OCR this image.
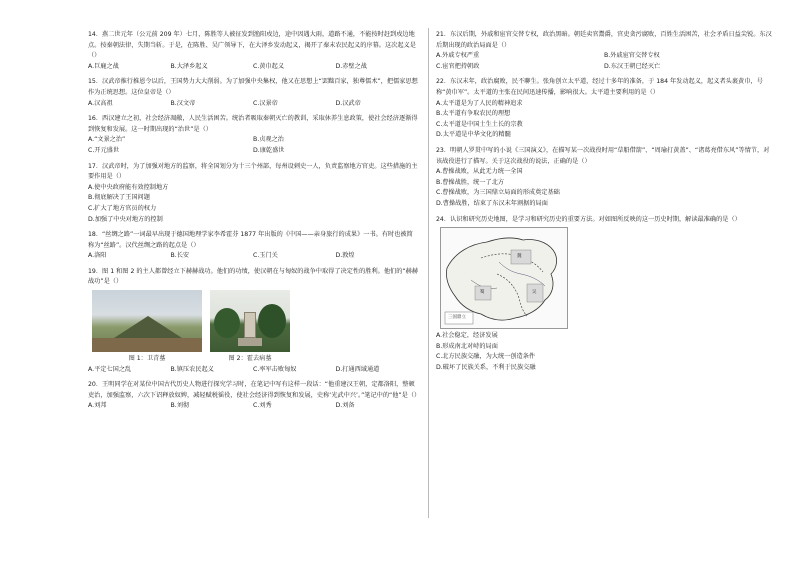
14．燕二世元年（公元前 209 年）七月，陈胜等人被征发到渔阳戍边，途中因遇大雨，道路不通，不能按时赶到戍边地点。按秦朝法律，失期当斩。于是，在陈胜、吴广领导下，在大泽乡发动起义，揭开了秦末农民起义的序幕。这次起义是（）

A.巨鹿之战	B.大泽乡起义	C.黄巾起义	D.赤壁之战

15．汉武帝推行推恩令以后，王国势力大大削弱。为了加强中央集权，他又在思想上“罢黜百家，独尊儒术”，把儒家思想作为正统思想。这位皇帝是（）

A.汉高祖	B.汉文帝	C.汉景帝	D.汉武帝

16．西汉建立之初，社会经济凋敝，人民生活困苦。统治者吸取秦朝灭亡的教训，采取休养生息政策，使社会经济逐渐得到恢复和发展。这一时期出现的“治世”是（）

A.“文景之治”	B.贞观之治
C.开元盛世	D.康乾盛世

17．汉武帝时，为了加强对地方的监察，将全国划分为十三个州部，每州设刺史一人，负责监察地方官吏。这些措施的主要作用是（）

A.使中央政府能有效控制地方
B.彻底解决了王国问题
C.扩大了地方官员的权力
D.加强了中央对地方的控制

18．“丝绸之路”一词最早出现于德国地理学家李希霍芬 1877 年出版的《中国——亲身旅行的成果》一书。有时也被简称为“丝路”。汉代丝绸之路的起点是（）

A.洛阳	B.长安	C.玉门关	D.敦煌

19．图 1 和图 2 的主人都曾经立下赫赫战功。他们的功绩，使汉朝在与匈奴的战争中取得了决定性的胜利。他们的“赫赫战功”是（）

图 1：卫青墓	图 2：霍去病墓
A.平定七国之乱	B.镇压农民起义	C.率军击败匈奴	D.打通西域通道

20．王明同学在对某位中国古代历史人物进行探究学习时，在笔记中写有这样一段话：“他重建汉王朝，定都洛阳，整顿吏治，加强监察，六次下诏释放奴婢，减轻赋税徭役，使社会经济得到恢复和发展，史称‘光武中兴’。”笔记中的“他”是（）

A.刘邦	B.刘彻	C.刘秀	D.刘备

21．东汉后期，外戚和宦官交替专权，政治黑暗。朝廷卖官鬻爵，官吏贪污腐败，百姓生活困苦，社会矛盾日益尖锐。东汉后期出现的政治局面是（）

A.外戚专权严重	B.外戚宦官交替专权
C.宦官把持朝政	D.东汉王朝已经灭亡

22．东汉末年，政治腐败，民不聊生。张角创立太平道，经过十多年的准备，于 184 年发动起义，起义者头裹黄巾，号称“黄巾军”。太平道的主张在民间迅速传播，影响很大。太平道主要利用的是（）

A.太平道是为了人民的精神追求
B.太平道有争取农民的理想
C.太平道是中国土生土长的宗教
D.太平道是中华文化的精髓

23．明朝人罗贯中写的小说《三国演义》，在描写某一次战役时用“草船借箭”、“周瑜打黄盖”、“诸葛亮借东风”等情节，对该战役进行了描写。关于这次战役的说法，正确的是（）

A.曹操战败，从此无力统一全国
B.曹操战胜，统一了北方
C.曹操战败，为三国鼎立局面的形成奠定基础
D.曹操战胜，结束了东汉末年割据的局面

24．认识和研究历史地图，是学习和研究历史的重要方法。对如图所反映的这一历史时期，解读最准确的是（）

魏
蜀	吴
三国鼎立
A.社会稳定，经济发展
B.形成南北对峙的局面
C.北方民族交融，为大统一创造条件
D.破坏了民族关系，不利于民族交融
